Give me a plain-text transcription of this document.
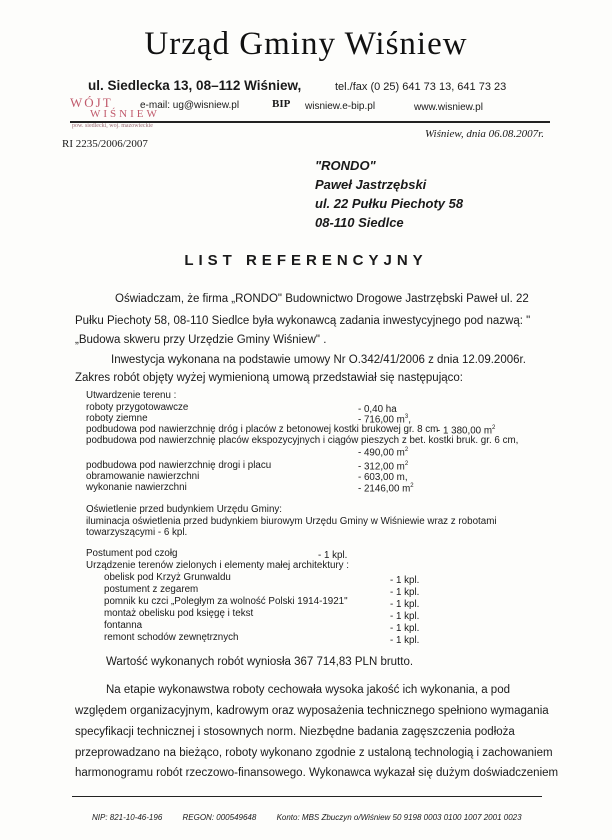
Urząd Gminy Wiśniew
ul. Siedlecka 13, 08–112 Wiśniew,	tel./fax (0 25) 641 73 13, 641 73 23
WÓJT
WIŚNIEW
pow. siedlecki, woj. mazowieckie
e-mail: ug@wisniew.pl	BIP wisniew.e-bip.pl	www.wisniew.pl
Wiśniew, dnia 06.08.2007r.
RI 2235/2006/2007
"RONDO"
Paweł Jastrzębski
ul. 22 Pułku Piechoty 58
08-110 Siedlce
LIST REFERENCYJNY
Oświadczam, że firma „RONDO" Budownictwo Drogowe Jastrzębski Paweł ul. 22
Pułku Piechoty 58, 08-110 Siedlce była wykonawcą zadania inwestycyjnego pod nazwą: "
„Budowa skweru przy Urzędzie Gminy Wiśniew" .
Inwestycja wykonana na podstawie umowy Nr O.342/41/2006 z dnia 12.09.2006r.
Zakres robót objęty wyżej wymienioną umową przedstawiał się następująco:
Utwardzenie terenu :
roboty przygotowawcze	- 0,40 ha
roboty ziemne	- 716,00 $m^3$,
podbudowa pod nawierzchnię dróg i placów z betonowej kostki brukowej gr. 8 cm
- 1 380,00 $m^2$
podbudowa pod nawierzchnię placów ekspozycyjnych i ciągów pieszych z bet. kostki bruk. gr. 6 cm,
- 490,00 $m^2$
podbudowa pod nawierzchnię drogi i placu	- 312,00 $m^2$
obramowanie nawierzchni	- 603,00 m,
wykonanie nawierzchni	- 2146,00 $m^2$
Oświetlenie przed budynkiem Urzędu Gminy:
iluminacja oświetlenia przed budynkiem biurowym Urzędu Gminy w Wiśniewie wraz z robotami
towarzyszącymi - 6 kpl.
Postument pod czołg	- 1 kpl.
Urządzenie terenów zielonych i elementy małej architektury :
obelisk pod Krzyż Grunwaldu	- 1 kpl.
postument z zegarem	- 1 kpl.
pomnik ku czci „Poległym za wolność Polski 1914-1921"	- 1 kpl.
montaż obelisku pod księgę i tekst	- 1 kpl.
fontanna	- 1 kpl.
remont schodów zewnętrznych	- 1 kpl.
Wartość wykonanych robót wyniosła 367 714,83 PLN brutto.
Na etapie wykonawstwa roboty cechowała wysoka jakość ich wykonania, a pod
względem organizacyjnym, kadrowym oraz wyposażenia technicznego spełniono wymagania
specyfikacji technicznej i stosownych norm. Niezbędne badania zagęszczenia podłoża
przeprowadzano na bieżąco, roboty wykonano zgodnie z ustaloną technologią i zachowaniem
harmonogramu robót rzeczowo-finansowego. Wykonawca wykazał się dużym doświadczeniem
NIP: 821-10-46-196	REGON: 000549648	Konto: MBS Zbuczyn o/Wiśniew 50 9198 0003 0100 1007 2001 0023
